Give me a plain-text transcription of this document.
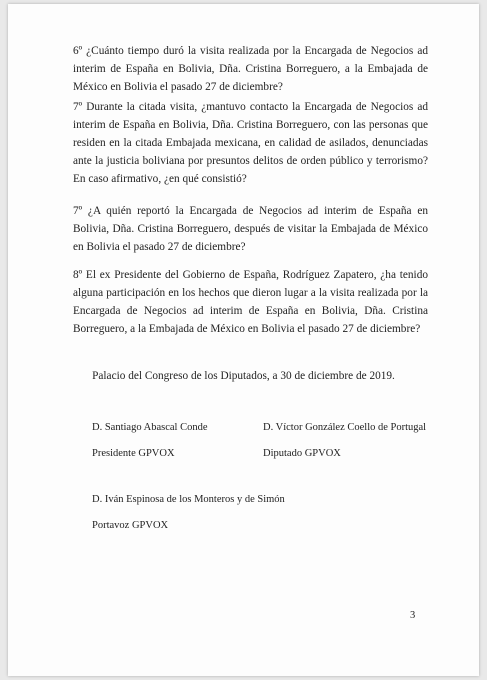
6º ¿Cuánto tiempo duró la visita realizada por la Encargada de Negocios ad interim de España en Bolivia, Dña. Cristina Borreguero, a la Embajada de México en Bolivia el pasado 27 de diciembre?

7º Durante la citada visita, ¿mantuvo contacto la Encargada de Negocios ad interim de España en Bolivia, Dña. Cristina Borreguero, con las personas que residen en la citada Embajada mexicana, en calidad de asilados, denunciadas ante la justicia boliviana por presuntos delitos de orden público y terrorismo? En caso afirmativo, ¿en qué consistió?

7º ¿A quién reportó la Encargada de Negocios ad interim de España en Bolivia, Dña. Cristina Borreguero, después de visitar la Embajada de México en Bolivia el pasado 27 de diciembre?

8º El ex Presidente del Gobierno de España, Rodríguez Zapatero, ¿ha tenido alguna participación en los hechos que dieron lugar a la visita realizada por la Encargada de Negocios ad interim de España en Bolivia, Dña. Cristina Borreguero, a la Embajada de México en Bolivia el pasado 27 de diciembre?

Palacio del Congreso de los Diputados, a 30 de diciembre de 2019.

D. Santiago Abascal Conde

Presidente GPVOX

D. Víctor González Coello de Portugal

Diputado GPVOX

D. Iván Espinosa de los Monteros y de Simón

Portavoz GPVOX

3
